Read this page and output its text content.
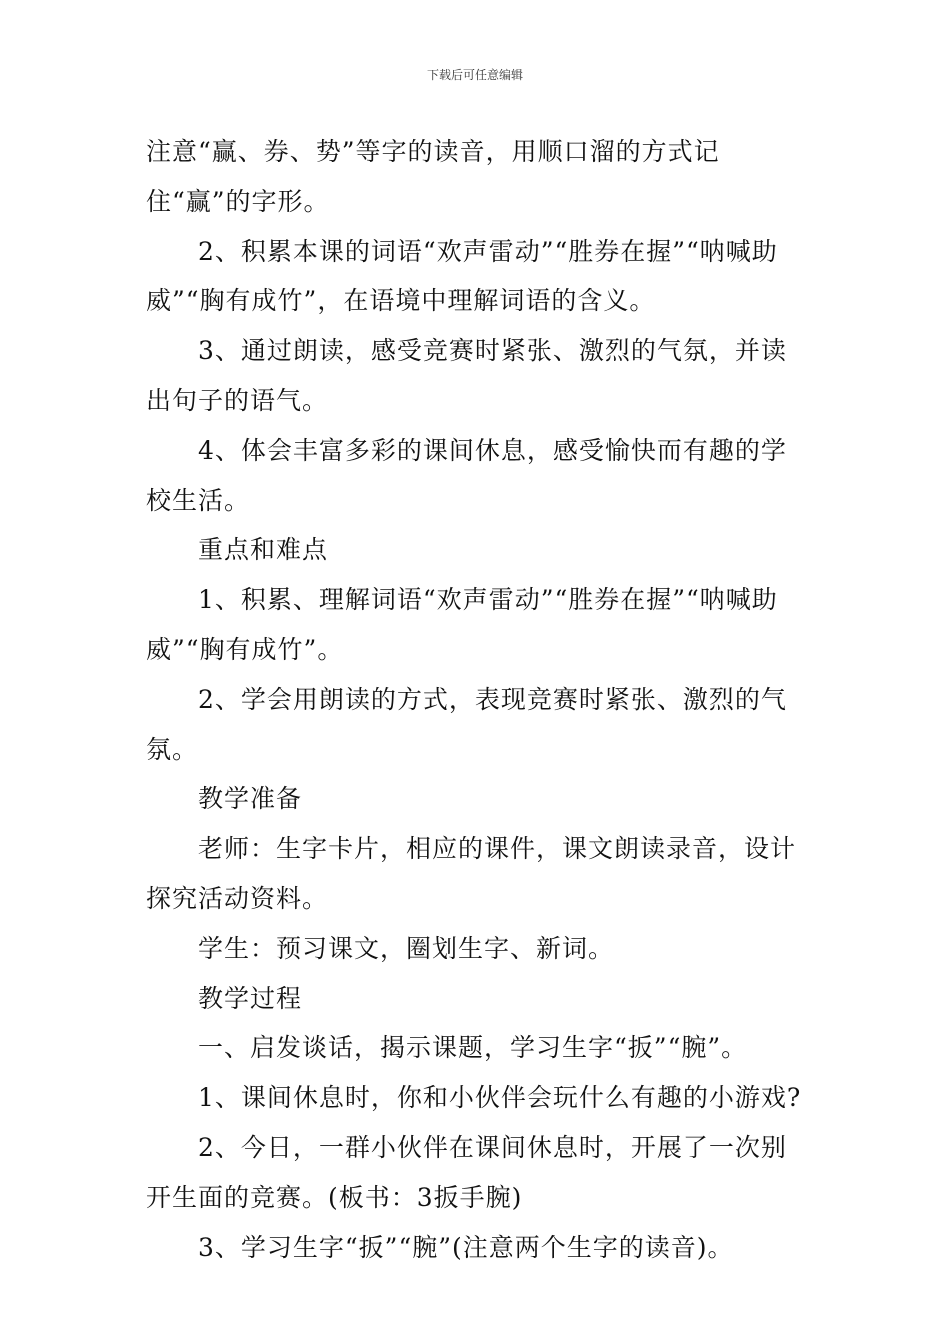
下载后可任意编辑

注意“赢、券、势”等字的读音，用顺口溜的方式记住“赢”的字形。

2、积累本课的词语“欢声雷动”“胜券在握”“呐喊助威”“胸有成竹”，在语境中理解词语的含义。

3、通过朗读，感受竞赛时紧张、激烈的气氛，并读出句子的语气。

4、体会丰富多彩的课间休息，感受愉快而有趣的学校生活。

重点和难点

1、积累、理解词语“欢声雷动”“胜券在握”“呐喊助威”“胸有成竹”。

2、学会用朗读的方式，表现竞赛时紧张、激烈的气氛。

教学准备

老师：生字卡片，相应的课件，课文朗读录音，设计探究活动资料。

学生：预习课文，圈划生字、新词。

教学过程

一、启发谈话，揭示课题，学习生字“扳”“腕”。

1、课间休息时，你和小伙伴会玩什么有趣的小游戏?

2、今日，一群小伙伴在课间休息时，开展了一次别开生面的竞赛。(板书：3扳手腕)

3、学习生字“扳”“腕”(注意两个生字的读音)。
